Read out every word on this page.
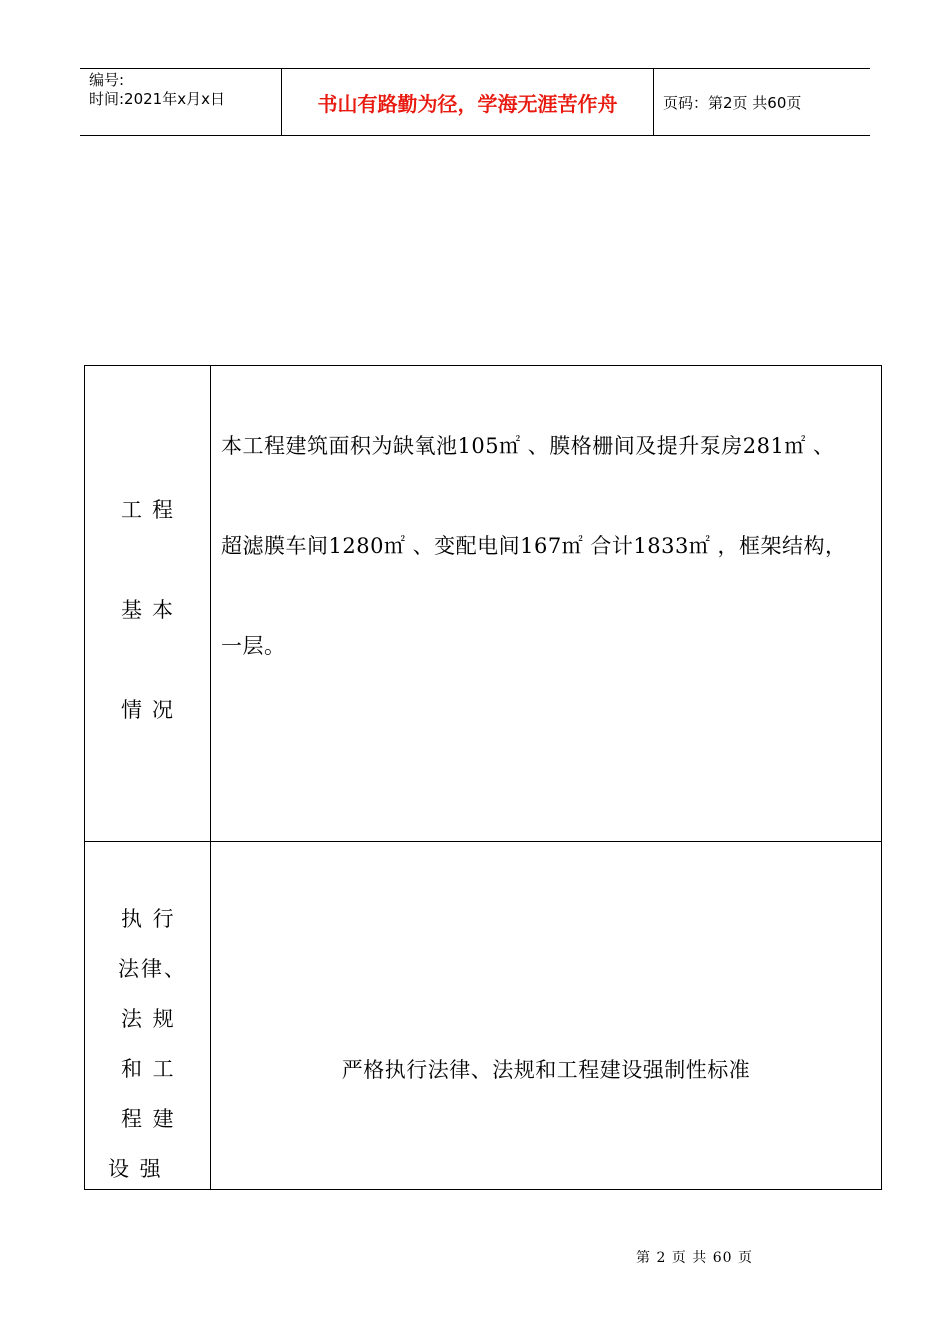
编号:
时间:2021年x月x日	书山有路勤为径，学海无涯苦作舟	页码：第2页 共60页
工程
基本
情况
本工程建筑面积为缺氧池105㎡ 、膜格栅间及提升泵房281㎡ 、
超滤膜车间1280㎡ 、变配电间167㎡ 合计1833㎡ ，框架结构，
一层。
执 行
法律、
法 规
和 工
程 建
设 强
严格执行法律、法规和工程建设强制性标准
第 2 页 共 60 页
